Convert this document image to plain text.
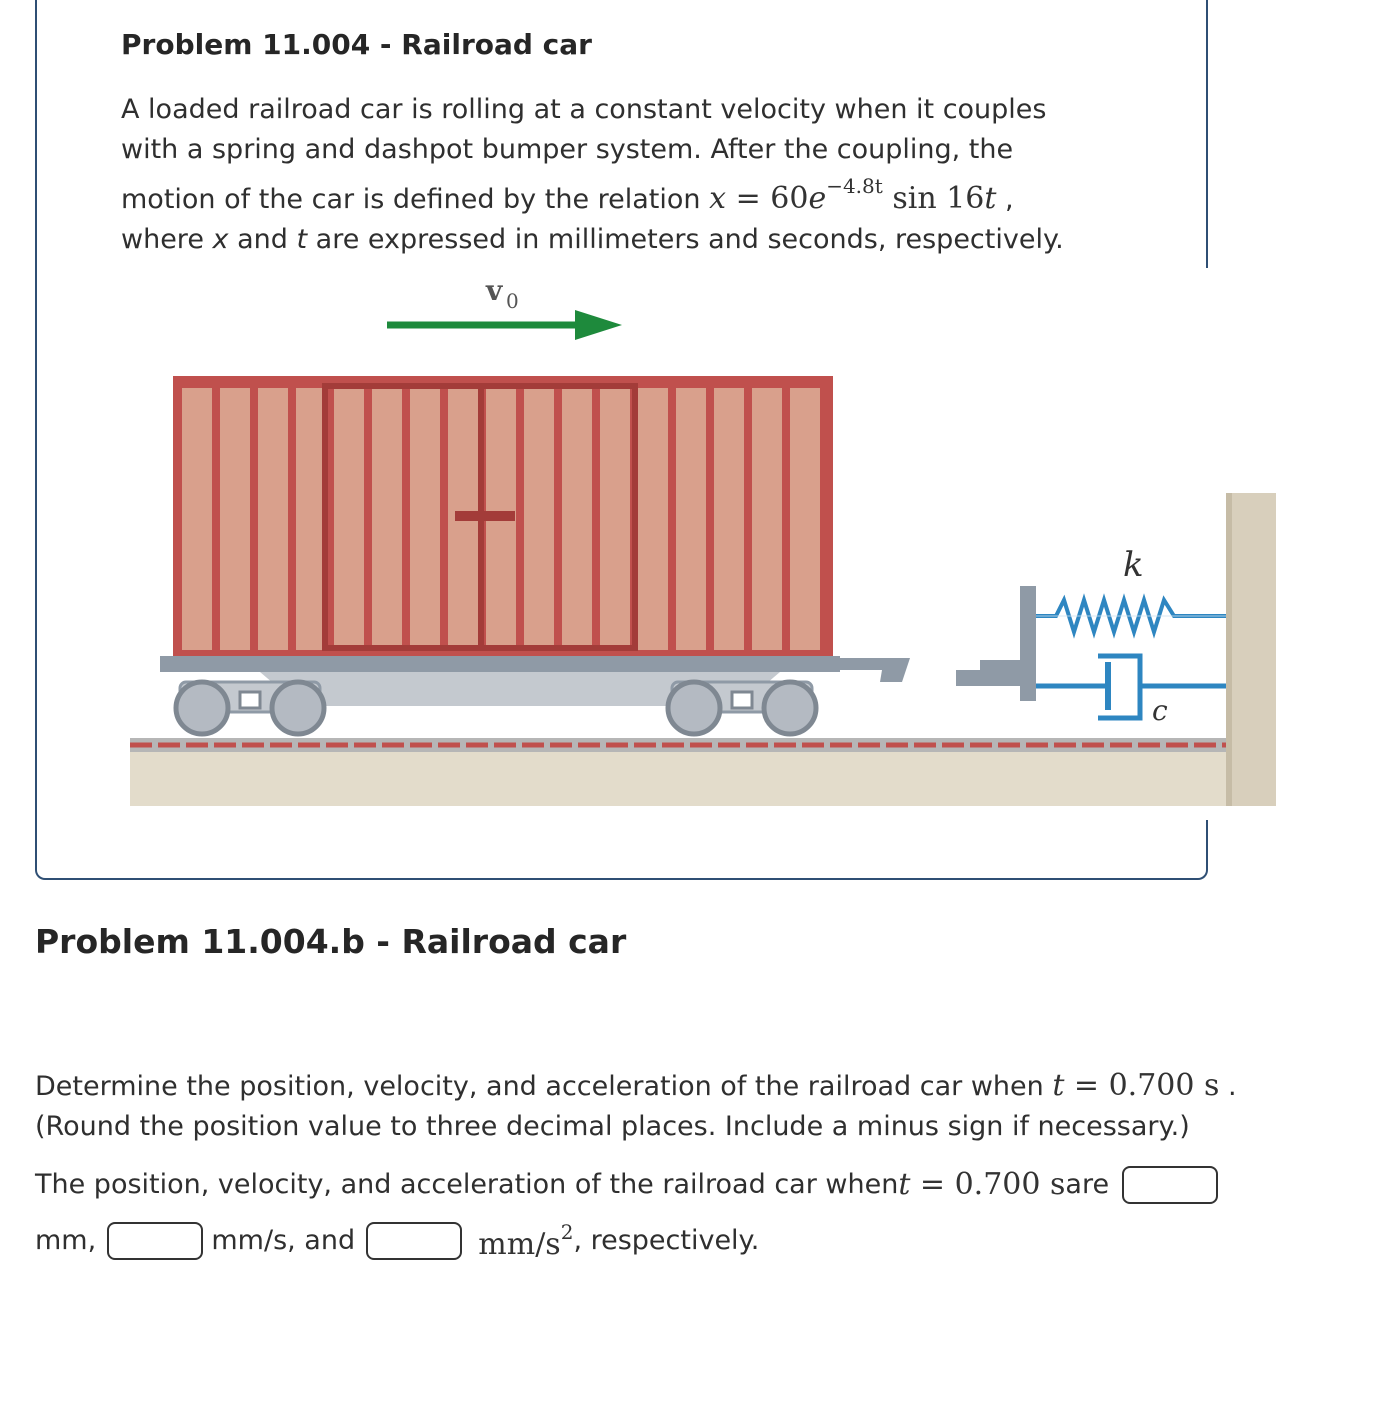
Problem 11.004 - Railroad car
A loaded railroad car is rolling at a constant velocity when it couples
with a spring and dashpot bumper system. After the coupling, the
motion of the car is defined by the relation $x = 60e^{-4.8t}$ sin 16t ,
where x and t are expressed in millimeters and seconds, respectively.
v 0
k
c
Problem 11.004.b - Railroad car
Determine the position, velocity, and acceleration of the railroad car when t = 0.700 s .
(Round the position value to three decimal places. Include a minus sign if necessary.)
The position, velocity, and acceleration of the railroad car whent = 0.700 sare
mm,	mm/s, and	$mm/s^2$, respectively.
